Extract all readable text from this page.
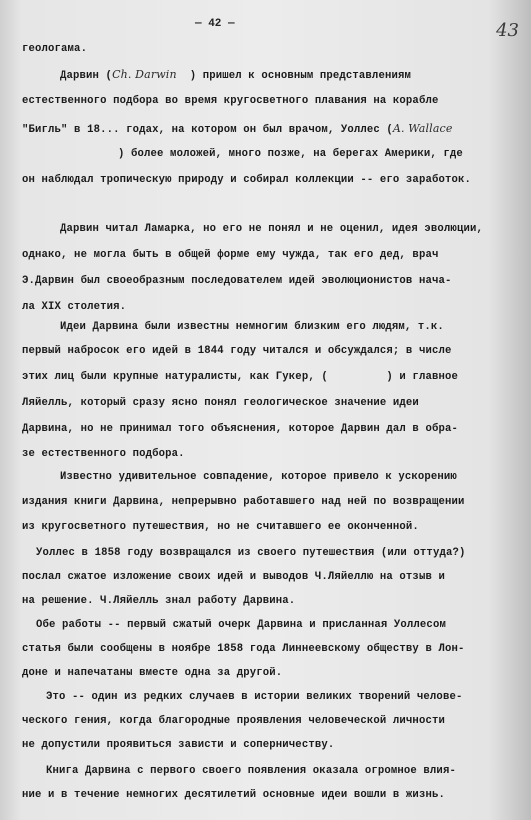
— 42 —	43
геологама.
Дарвин (Ch. Darwin  ) пришел к основным представлениям
естественного подбора во время кругосветного плавания на корабле
"Бигль" в 18... годах, на котором он был врачом, Уоллес (A. Wallace
) более моложей, много позже, на берегах Америки, где
он наблюдал тропическую природу и собирал коллекции -- его заработок.
Дарвин читал Ламарка, но его не понял и не оценил, идея эволюции,
однако, не могла быть в общей форме ему чужда, так его дед, врач
Э.Дарвин был своеобразным последователем идей эволюционистов нача-
ла XIX столетия.
Идеи Дарвина были известны немногим близким его людям, т.к.
первый набросок его идей в 1844 году читался и обсуждался; в числе
этих лиц были крупные натуралисты, как Гукер, (         ) и главное
Ляйелль, который сразу ясно понял геологическое значение идеи
Дарвина, но не принимал того объяснения, которое Дарвин дал в обра-
зе естественного подбора.
Известно удивительное совпадение, которое привело к ускорению
издания книги Дарвина, непрерывно работавшего над ней по возвращении
из кругосветного путешествия, но не считавшего ее оконченной.
Уоллес в 1858 году возвращался из своего путешествия (или оттуда?)
послал сжатое изложение своих идей и выводов Ч.Ляйеллю на отзыв и
на решение. Ч.Ляйелль знал работу Дарвина.
Обе работы -- первый сжатый очерк Дарвина и присланная Уоллесом
статья были сообщены в ноябре 1858 года Линнеевскому обществу в Лон-
доне и напечатаны вместе одна за другой.
Это -- один из редких случаев в истории великих творений челове-
ческого гения, когда благородные проявления человеческой личности
не допустили проявиться зависти и соперничеству.
Книга Дарвина с первого своего появления оказала огромное влия-
ние и в течение немногих десятилетий основные идеи вошли в жизнь.
